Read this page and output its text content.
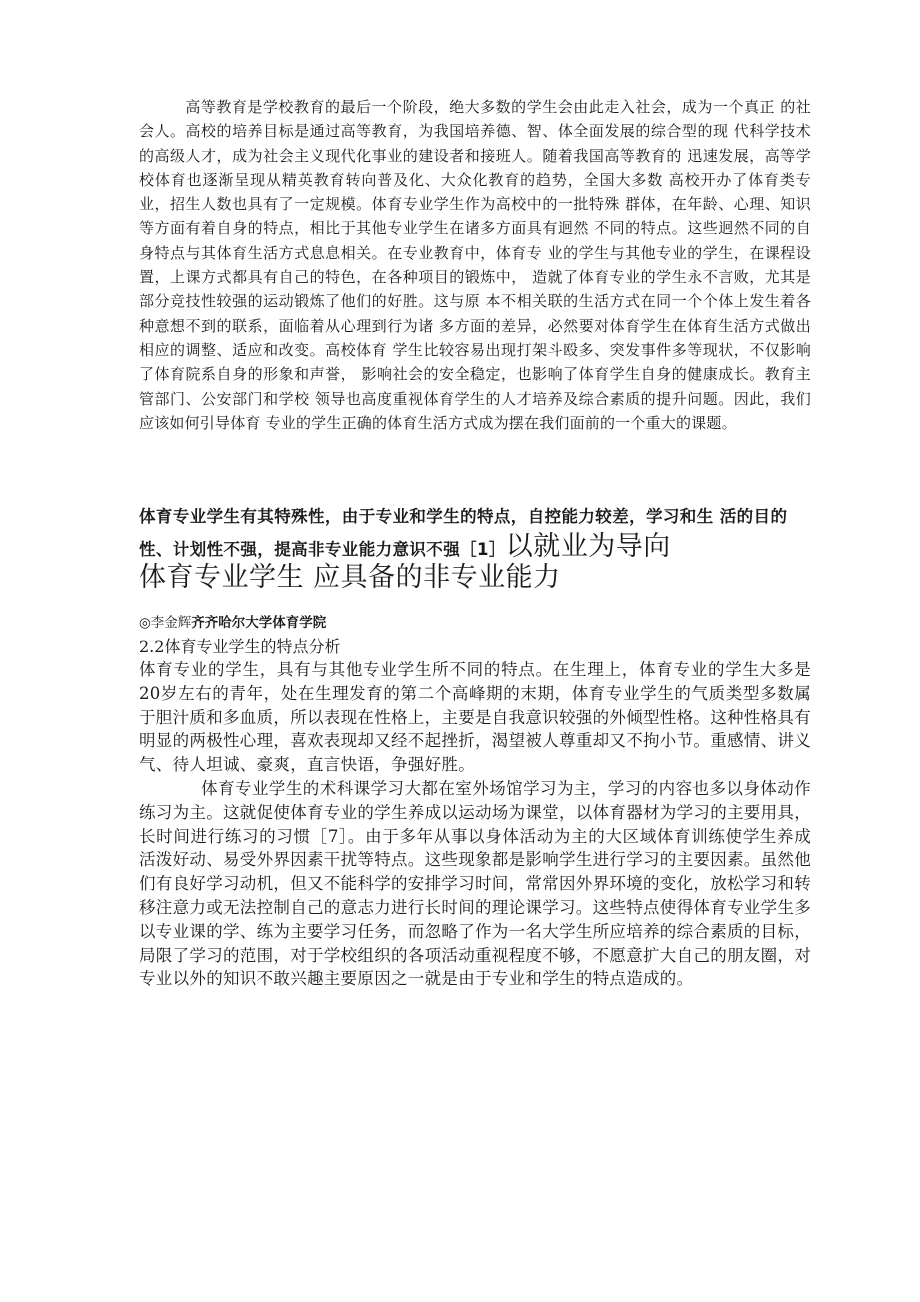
高等教育是学校教育的最后一个阶段，绝大多数的学生会由此走入社会，成为一个真正 的社会人。高校的培养目标是通过高等教育，为我国培养德、智、体全面发展的综合型的现 代科学技术的高级人才，成为社会主义现代化事业的建设者和接班人。随着我国高等教育的 迅速发展，高等学校体育也逐渐呈现从精英教育转向普及化、大众化教育的趋势，全国大多数 高校开办了体育类专业，招生人数也具有了一定规模。体育专业学生作为高校中的一批特殊 群体，在年龄、心理、知识等方面有着自身的特点，相比于其他专业学生在诸多方面具有迥然 不同的特点。这些迥然不同的自身特点与其体育生活方式息息相关。在专业教育中，体育专 业的学生与其他专业的学生，在课程设置，上课方式都具有自己的特色，在各种项目的锻炼中， 造就了体育专业的学生永不言败，尤其是部分竞技性较强的运动锻炼了他们的好胜。这与原 本不相关联的生活方式在同一个个体上发生着各种意想不到的联系，面临着从心理到行为诸 多方面的差异，必然要对体育学生在体育生活方式做出相应的调整、适应和改变。高校体育 学生比较容易出现打架斗殴多、突发事件多等现状，不仅影响了体育院系自身的形象和声誉， 影响社会的安全稳定，也影响了体育学生自身的健康成长。教育主管部门、公安部门和学校 领导也高度重视体育学生的人才培养及综合素质的提升问题。因此，我们应该如何引导体育 专业的学生正确的体育生活方式成为摆在我们面前的一个重大的课题。

体育专业学生有其特殊性，由于专业和学生的特点，自控能力较差，学习和生 活的目的性、计划性不强，提高非专业能力意识不强［1］以就业为导向

体育专业学生 应具备的非专业能力

◎李金辉齐齐哈尔大学体育学院

2.2体育专业学生的特点分析

体育专业的学生，具有与其他专业学生所不同的特点。在生理上，体育专业的学生大多是20岁左右的青年，处在生理发育的第二个高峰期的末期，体育专业学生的气质类型多数属于胆汁质和多血质，所以表现在性格上，主要是自我意识较强的外倾型性格。这种性格具有明显的两极性心理，喜欢表现却又经不起挫折，渴望被人尊重却又不拘小节。重感情、讲义气、待人坦诚、豪爽，直言快语，争强好胜。

体育专业学生的术科课学习大都在室外场馆学习为主，学习的内容也多以身体动作练习为主。这就促使体育专业的学生养成以运动场为课堂，以体育器材为学习的主要用具，长时间进行练习的习惯［7］。由于多年从事以身体活动为主的大区域体育训练使学生养成活泼好动、易受外界因素干扰等特点。这些现象都是影响学生进行学习的主要因素。虽然他们有良好学习动机，但又不能科学的安排学习时间，常常因外界环境的变化，放松学习和转移注意力或无法控制自己的意志力进行长时间的理论课学习。这些特点使得体育专业学生多以专业课的学、练为主要学习任务，而忽略了作为一名大学生所应培养的综合素质的目标，局限了学习的范围，对于学校组织的各项活动重视程度不够，不愿意扩大自己的朋友圈，对专业以外的知识不敢兴趣主要原因之一就是由于专业和学生的特点造成的。
